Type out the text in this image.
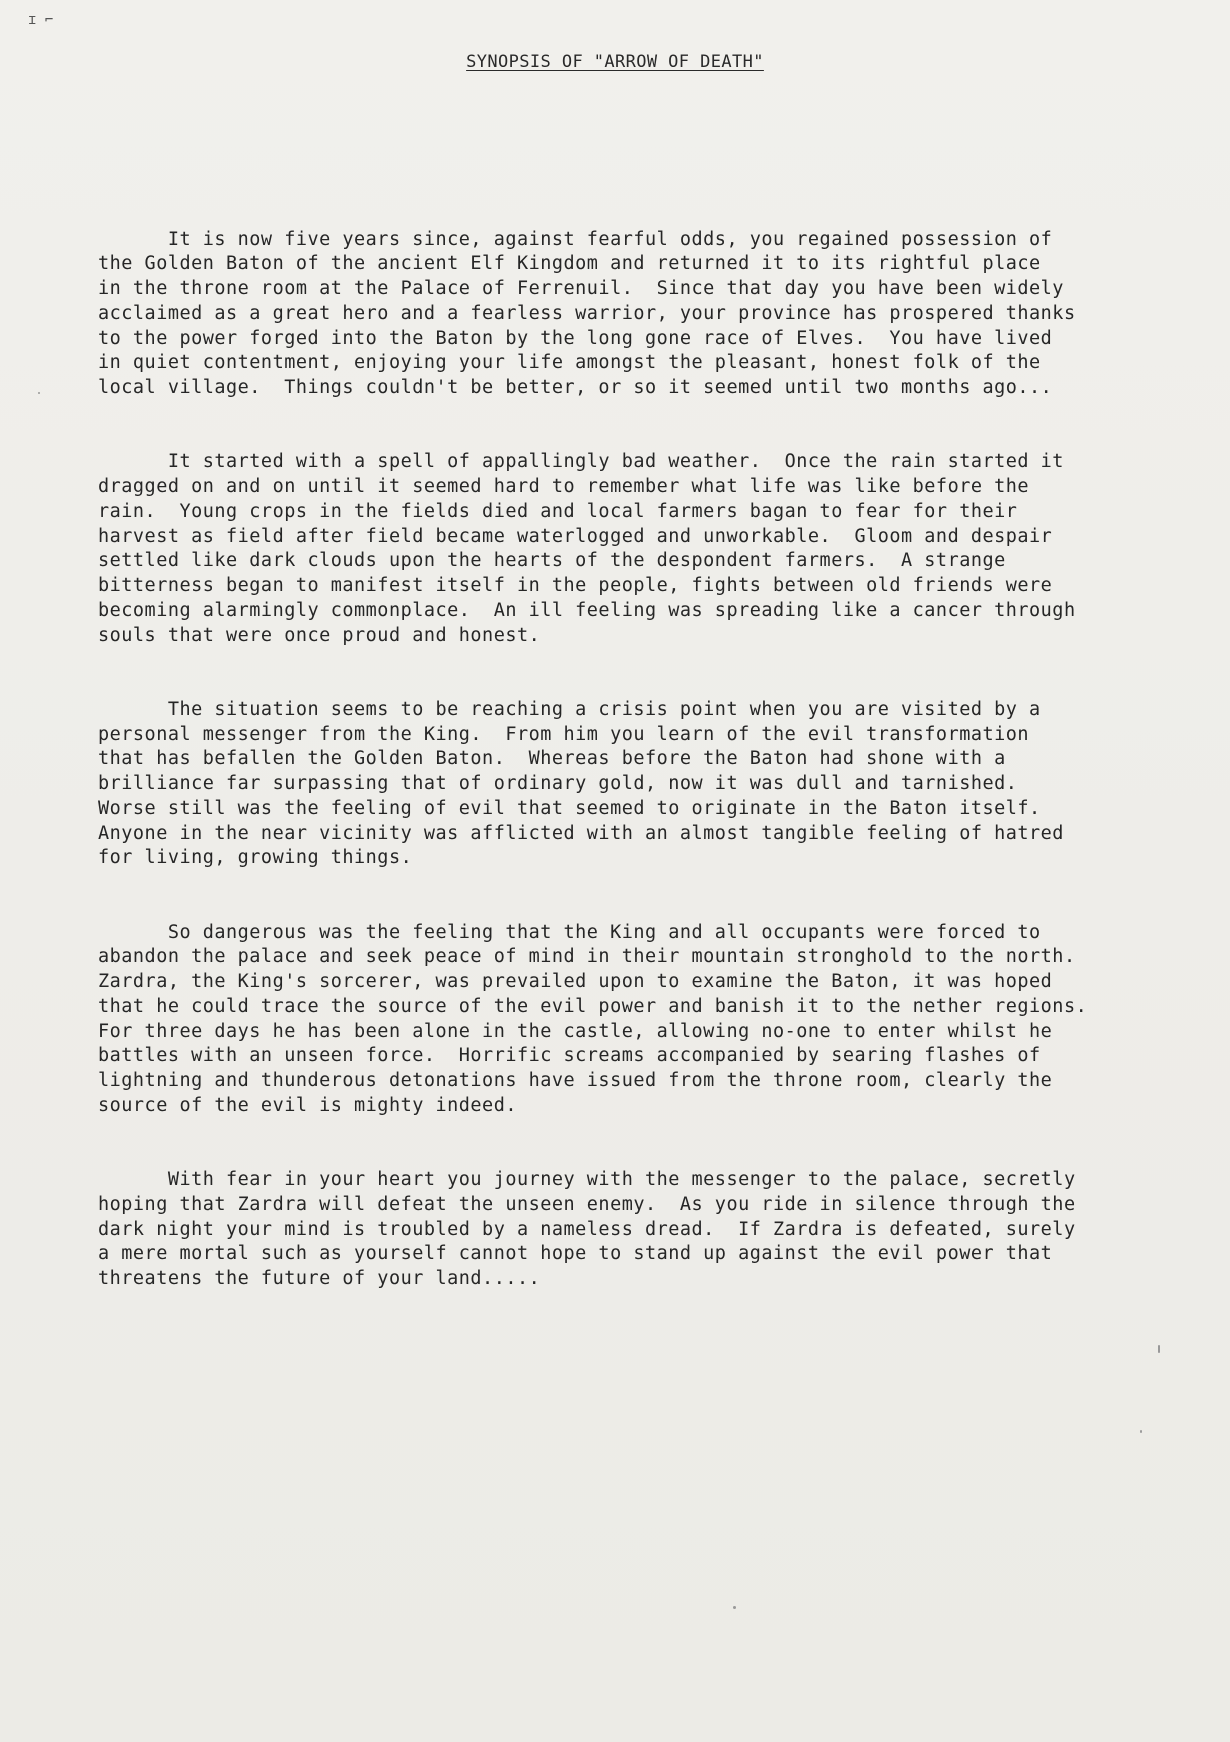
ɪ ⌐
SYNOPSIS OF "ARROW OF DEATH"

It is now five years since, against fearful odds, you regained possession of
the Golden Baton of the ancient Elf Kingdom and returned it to its rightful place
in the throne room at the Palace of Ferrenuil.  Since that day you have been widely
acclaimed as a great hero and a fearless warrior, your province has prospered thanks
to the power forged into the Baton by the long gone race of Elves.  You have lived
in quiet contentment, enjoying your life amongst the pleasant, honest folk of the
local village.  Things couldn't be better, or so it seemed until two months ago...

It started with a spell of appallingly bad weather.  Once the rain started it
dragged on and on until it seemed hard to remember what life was like before the
rain.  Young crops in the fields died and local farmers bagan to fear for their
harvest as field after field became waterlogged and unworkable.  Gloom and despair
settled like dark clouds upon the hearts of the despondent farmers.  A strange
bitterness began to manifest itself in the people, fights between old friends were
becoming alarmingly commonplace.  An ill feeling was spreading like a cancer through
souls that were once proud and honest.

The situation seems to be reaching a crisis point when you are visited by a
personal messenger from the King.  From him you learn of the evil transformation
that has befallen the Golden Baton.  Whereas before the Baton had shone with a
brilliance far surpassing that of ordinary gold, now it was dull and tarnished.
Worse still was the feeling of evil that seemed to originate in the Baton itself.
Anyone in the near vicinity was afflicted with an almost tangible feeling of hatred
for living, growing things.

So dangerous was the feeling that the King and all occupants were forced to
abandon the palace and seek peace of mind in their mountain stronghold to the north.
Zardra, the King's sorcerer, was prevailed upon to examine the Baton, it was hoped
that he could trace the source of the evil power and banish it to the nether regions.
For three days he has been alone in the castle, allowing no-one to enter whilst he
battles with an unseen force.  Horrific screams accompanied by searing flashes of
lightning and thunderous detonations have issued from the throne room, clearly the
source of the evil is mighty indeed.

With fear in your heart you journey with the messenger to the palace, secretly
hoping that Zardra will defeat the unseen enemy.  As you ride in silence through the
dark night your mind is troubled by a nameless dread.  If Zardra is defeated, surely
a mere mortal such as yourself cannot hope to stand up against the evil power that
threatens the future of your land.....
